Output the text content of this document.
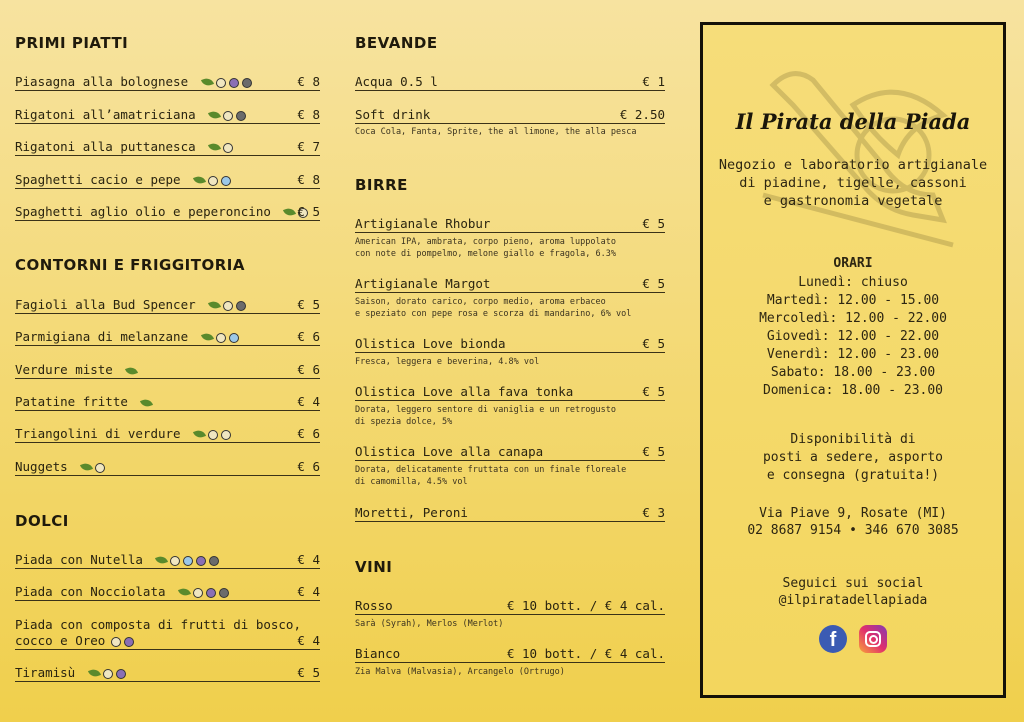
PRIMI PIATTI
Piasagna alla bolognese	€ 8
Rigatoni all’amatriciana	€ 8
Rigatoni alla puttanesca	€ 7
Spaghetti cacio e pepe	€ 8
Spaghetti aglio olio e peperoncino € 5
CONTORNI E FRIGGITORIA
Fagioli alla Bud Spencer	€ 5
Parmigiana di melanzane	€ 6
Verdure miste	€ 6
Patatine fritte	€ 4
Triangolini di verdure	€ 6
Nuggets	€ 6
DOLCI
Piada con Nutella	€ 4
Piada con Nocciolata	€ 4
Piada con composta di frutti di bosco,
cocco e Oreo	€ 4
Tiramisù	€ 5
BEVANDE
Acqua 0.5 l	€ 1
Soft drink	€ 2.50
Coca Cola, Fanta, Sprite, the al limone, the alla pesca
BIRRE
Artigianale Rhobur	€ 5
American IPA, ambrata, corpo pieno, aroma luppolato
con note di pompelmo, melone giallo e fragola, 6.3%
Artigianale Margot	€ 5
Saison, dorato carico, corpo medio, aroma erbaceo
e speziato con pepe rosa e scorza di mandarino, 6% vol
Olistica Love bionda	€ 5
Fresca, leggera e beverina, 4.8% vol
Olistica Love alla fava tonka	€ 5
Dorata, leggero sentore di vaniglia e un retrogusto
di spezia dolce, 5%
Olistica Love alla canapa	€ 5
Dorata, delicatamente fruttata con un finale floreale
di camomilla, 4.5% vol
Moretti, Peroni	€ 3
VINI
Rosso	€ 10 bott. / € 4 cal.
Sarà (Syrah), Merlos (Merlot)
Bianco	€ 10 bott. / € 4 cal.
Zia Malva (Malvasia), Arcangelo (Ortrugo)
Il Pirata della Piada
Negozio e laboratorio artigianale
di piadine, tigelle, cassoni
e gastronomia vegetale
ORARI
Lunedì: chiuso
Martedì: 12.00 - 15.00
Mercoledì: 12.00 - 22.00
Giovedì: 12.00 - 22.00
Venerdì: 12.00 - 23.00
Sabato: 18.00 - 23.00
Domenica: 18.00 - 23.00
Disponibilità di
posti a sedere, asporto
e consegna (gratuita!)
Via Piave 9, Rosate (MI)
02 8687 9154 • 346 670 3085
Seguici sui social
@ilpiratadellapiada
f
